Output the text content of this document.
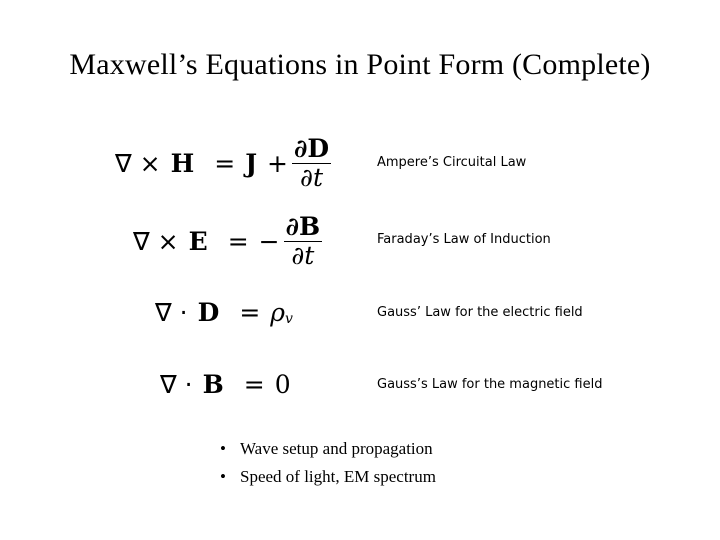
Maxwell’s Equations in Point Form (Complete)
∇ × $H = J + \frac{\partial D}{\partial t}$	Ampere’s Circuital Law
∇ × E = − $\frac{\partial B}{\partial t}$	Faraday’s Law of Induction
∇ · D = ρ v	Gauss’ Law for the electric field
∇ · B = 0	Gauss’s Law for the magnetic field
• Wave setup and propagation
• Speed of light, EM spectrum
